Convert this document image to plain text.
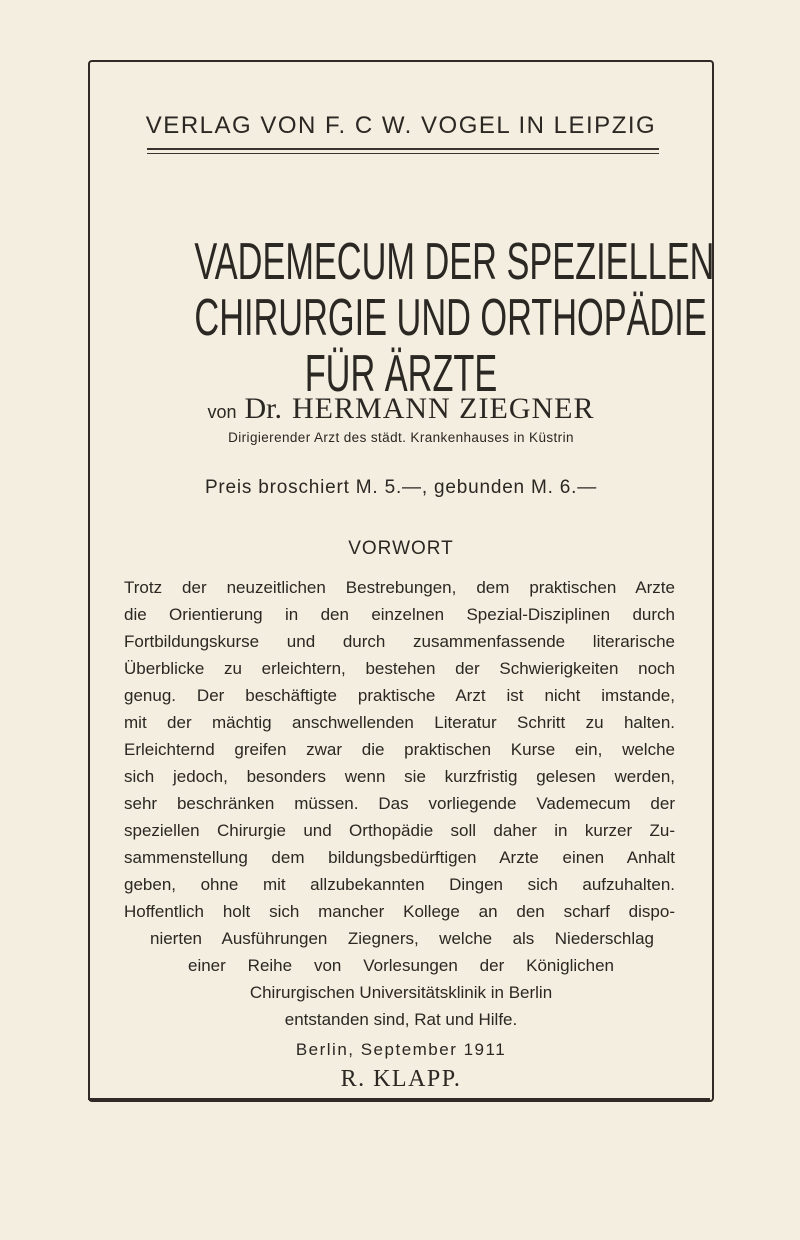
VERLAG VON F. C W. VOGEL IN LEIPZIG
VADEMECUM DER SPEZIELLEN
CHIRURGIE UND ORTHOPÄDIE
FÜR ÄRZTE
von Dr. HERMANN ZIEGNER
Dirigierender Arzt des städt. Krankenhauses in Küstrin
Preis broschiert M. 5.—, gebunden M. 6.—
VORWORT
Trotz der neuzeitlichen Bestrebungen, dem praktischen Arzte
die Orientierung in den einzelnen Spezial-Disziplinen durch
Fortbildungskurse und durch zusammenfassende literarische
Überblicke zu erleichtern, bestehen der Schwierigkeiten noch
genug. Der beschäftigte praktische Arzt ist nicht imstande,
mit der mächtig anschwellenden Literatur Schritt zu halten.
Erleichternd greifen zwar die praktischen Kurse ein, welche
sich jedoch, besonders wenn sie kurzfristig gelesen werden,
sehr beschränken müssen. Das vorliegende Vademecum der
speziellen Chirurgie und Orthopädie soll daher in kurzer Zu-
sammenstellung dem bildungsbedürftigen Arzte einen Anhalt
geben, ohne mit allzubekannten Dingen sich aufzuhalten.
Hoffentlich holt sich mancher Kollege an den scharf dispo-
nierten Ausführungen Ziegners, welche als Niederschlag
einer Reihe von Vorlesungen der Königlichen
Chirurgischen Universitätsklinik in Berlin
entstanden sind, Rat und Hilfe.
Berlin, September 1911
R. KLAPP.
